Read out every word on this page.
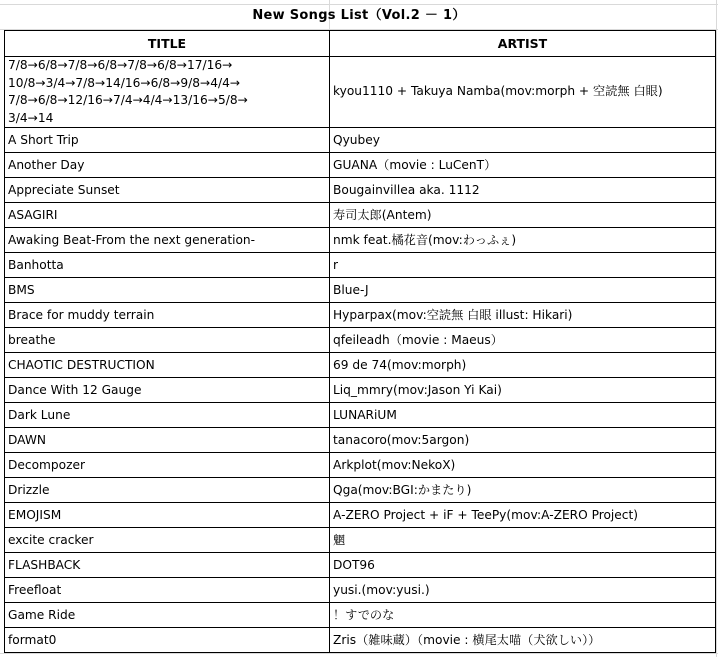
New Songs List（Vol.2 － 1）
TITLE	ARTIST

7/8→6/8→7/8→6/8→7/8→6/8→17/16→
10/8→3/4→7/8→14/16→6/8→9/8→4/4→
7/8→6/8→12/16→7/4→4/4→13/16→5/8→
3/4→14	kyou1110 + Takuya Namba(mov:morph + 空読無 白眼)
A Short Trip	Qyubey
Another Day	GUANA（movie : LuCenT）
Appreciate Sunset	Bougainvillea aka. 1112
ASAGIRI	寿司太郎(Antem)
Awaking Beat-From the next generation-	nmk feat.橘花音(mov:わっふぇ)
Banhotta	r
BMS	Blue-J
Brace for muddy terrain	Hyparpax(mov:空読無 白眼 illust: Hikari)
breathe	qfeileadh（movie : Maeus）
CHAOTIC DESTRUCTION	69 de 74(mov:morph)
Dance With 12 Gauge	Liq_mmry(mov:Jason Yi Kai)
Dark Lune	LUNARiUM
DAWN	tanacoro(mov:5argon)
Decompozer	Arkplot(mov:NekoX)
Drizzle	Qga(mov:BGI:かまたり)
EMOJISM	A-ZERO Project + iF + TeePy(mov:A-ZERO Project)
excite cracker	魍
FLASHBACK	DOT96
Freefloat	yusi.(mov:yusi.)
Game Ride	！すでのな
format0	Zris（雑味蔵）（movie : 横尾太喵（犬欲しい））
